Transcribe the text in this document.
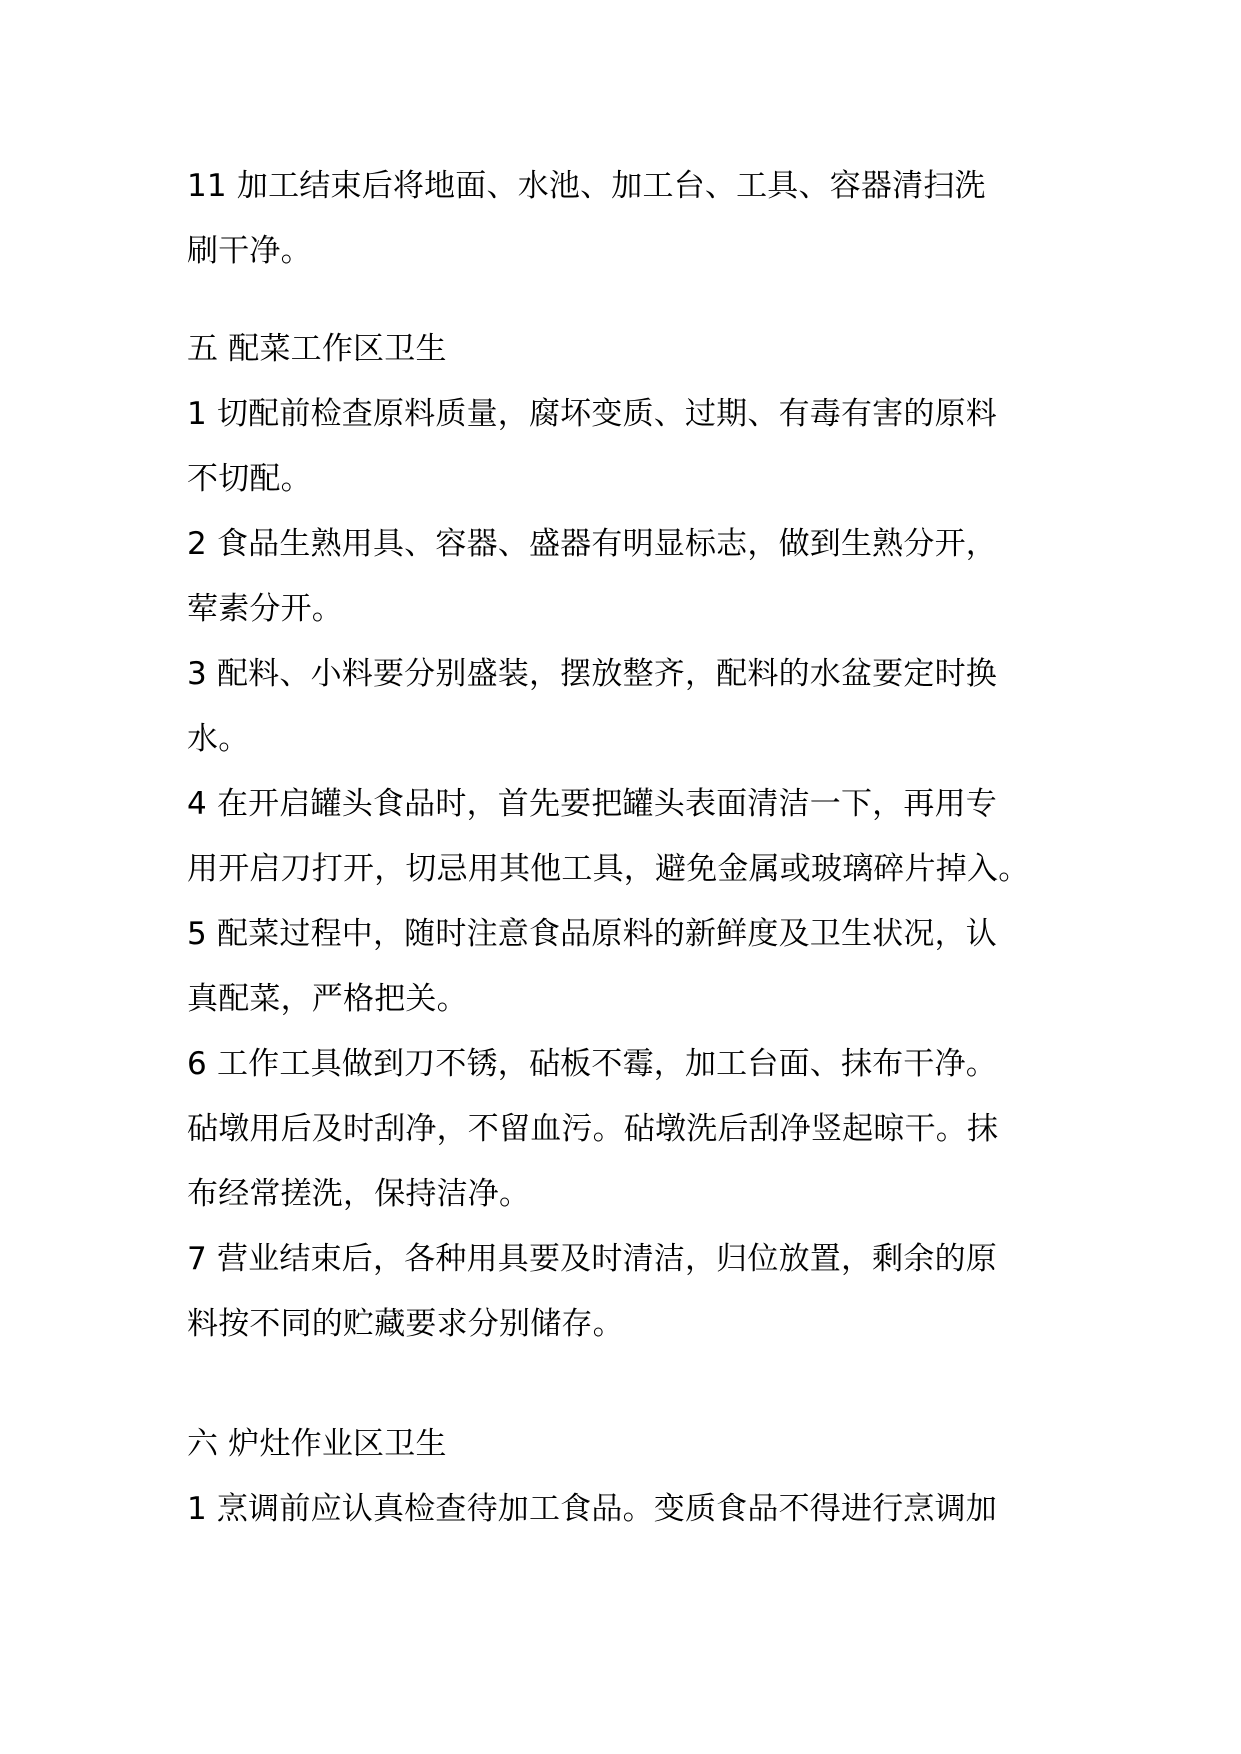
11 加工结束后将地面、水池、加工台、工具、容器清扫洗
刷干净。
五 配菜工作区卫生
1 切配前检查原料质量，腐坏变质、过期、有毒有害的原料
不切配。
2 食品生熟用具、容器、盛器有明显标志，做到生熟分开，
荤素分开。
3 配料、小料要分别盛装，摆放整齐，配料的水盆要定时换
水。
4 在开启罐头食品时，首先要把罐头表面清洁一下，再用专
用开启刀打开，切忌用其他工具，避免金属或玻璃碎片掉入。
5 配菜过程中，随时注意食品原料的新鲜度及卫生状况，认
真配菜，严格把关。
6 工作工具做到刀不锈，砧板不霉，加工台面、抹布干净。
砧墩用后及时刮净，不留血污。砧墩洗后刮净竖起晾干。抹
布经常搓洗，保持洁净。
7 营业结束后，各种用具要及时清洁，归位放置，剩余的原
料按不同的贮藏要求分别储存。
六 炉灶作业区卫生
1 烹调前应认真检查待加工食品。变质食品不得进行烹调加
